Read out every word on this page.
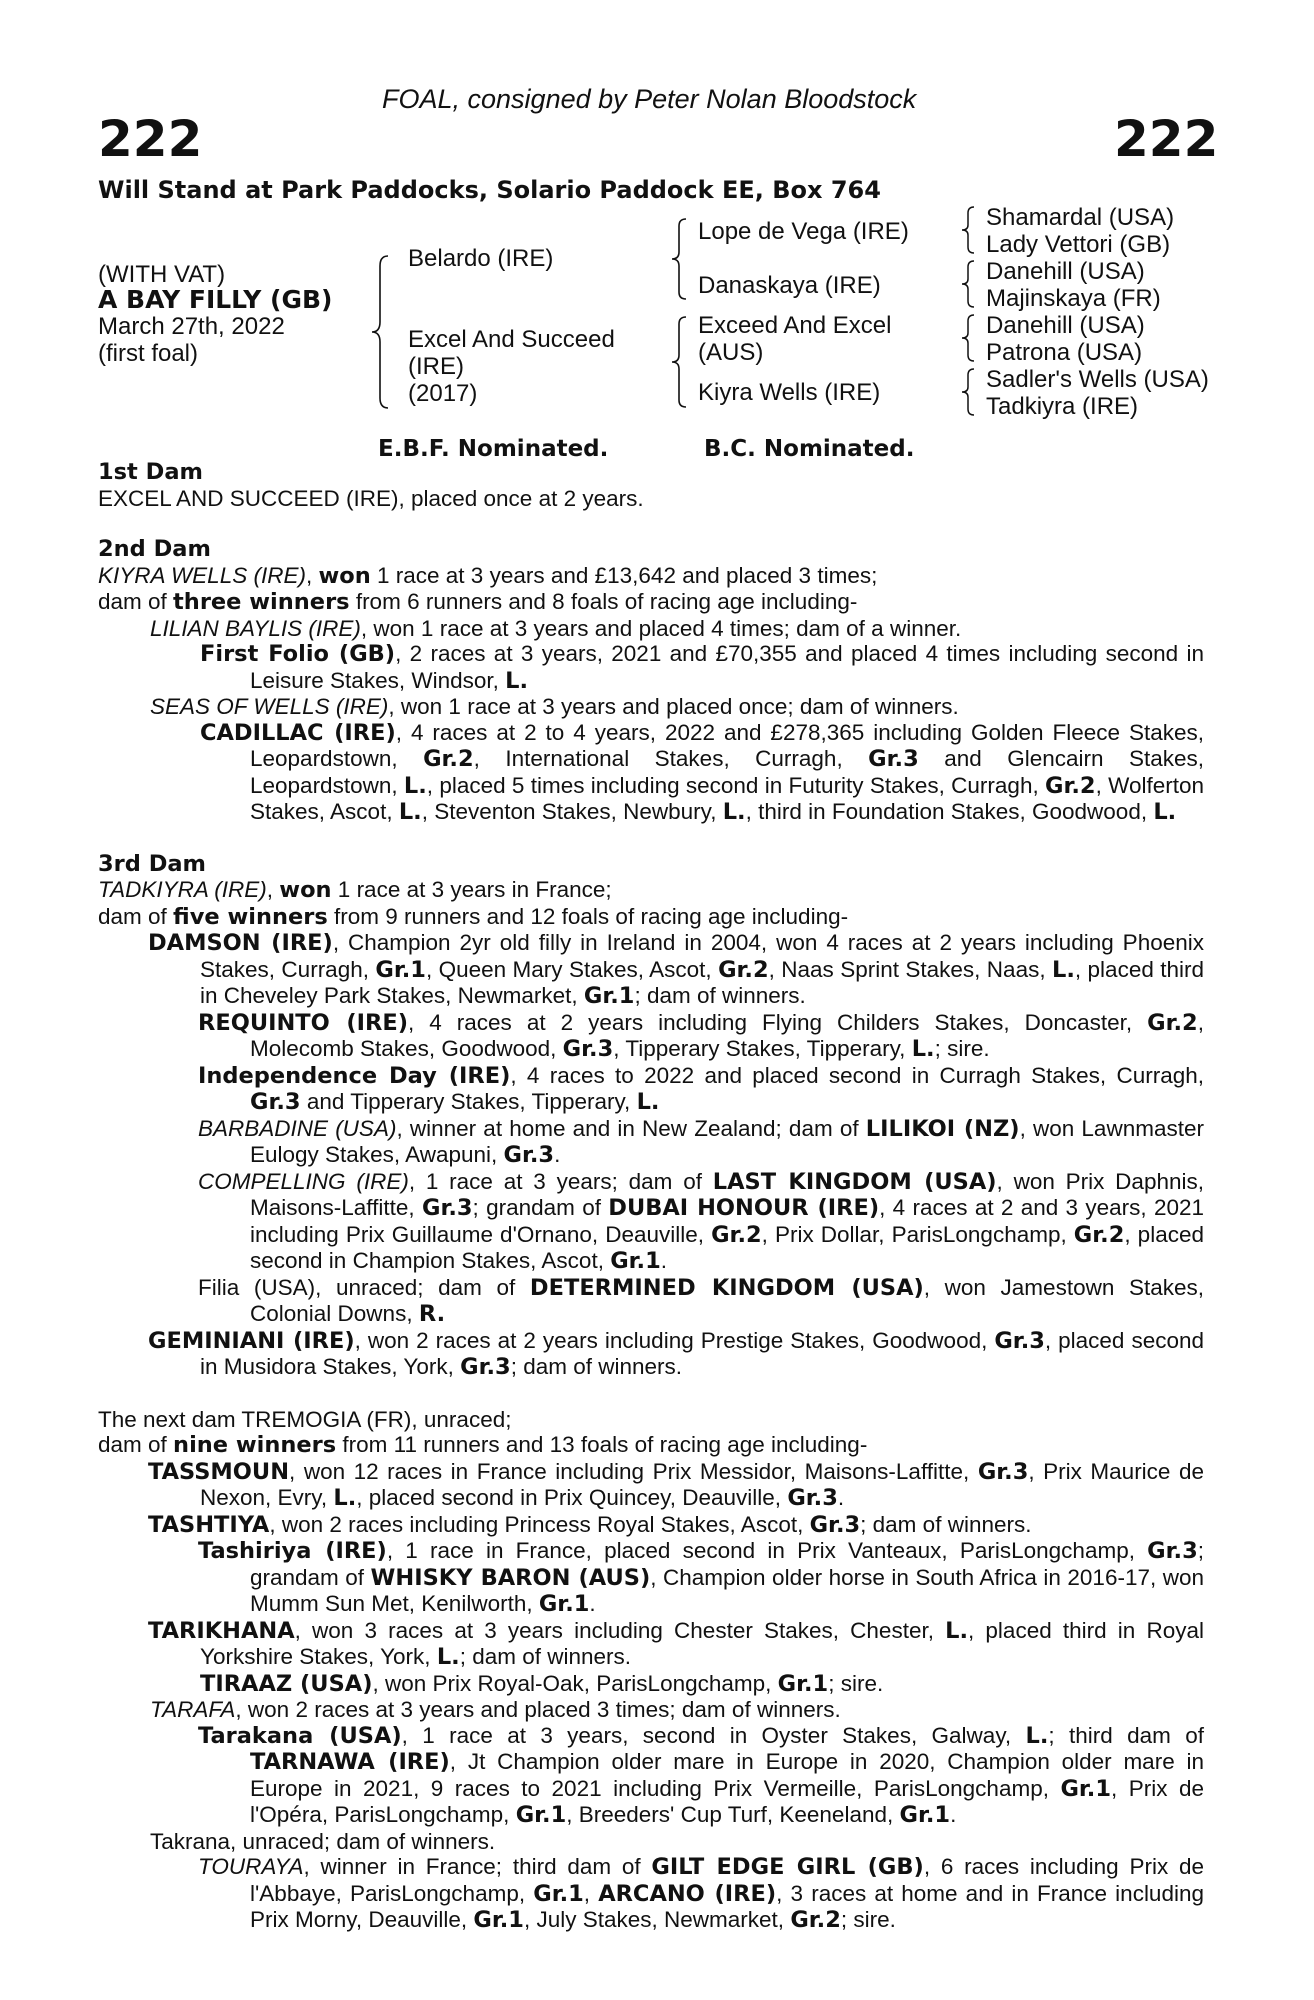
FOAL, consigned by Peter Nolan Bloodstock
222	222
Will Stand at Park Paddocks, Solario Paddock EE, Box 764
(WITH VAT)
A BAY FILLY (GB)
March 27th, 2022
(first foal)
Belardo (IRE)
Excel And Succeed
(IRE)
(2017)
Lope de Vega (IRE)
Danaskaya (IRE)
Exceed And Excel
(AUS)
Kiyra Wells (IRE)
Shamardal (USA)
Lady Vettori (GB)
Danehill (USA)
Majinskaya (FR)
Danehill (USA)
Patrona (USA)
Sadler's Wells (USA)
Tadkiyra (IRE)
E.B.F. Nominated.	B.C. Nominated.

1st Dam

EXCEL AND SUCCEED (IRE), placed once at 2 years.

2nd Dam

KIYRA WELLS (IRE), won 1 race at 3 years and £13,642 and placed 3 times;

dam of three winners from 6 runners and 8 foals of racing age including-

LILIAN BAYLIS (IRE), won 1 race at 3 years and placed 4 times; dam of a winner.

First Folio (GB), 2 races at 3 years, 2021 and £70,355 and placed 4 times including second in Leisure Stakes, Windsor, L.

SEAS OF WELLS (IRE), won 1 race at 3 years and placed once; dam of winners.

CADILLAC (IRE), 4 races at 2 to 4 years, 2022 and £278,365 including Golden Fleece Stakes, Leopardstown, Gr.2, International Stakes, Curragh, Gr.3 and Glencairn Stakes, Leopardstown, L., placed 5 times including second in Futurity Stakes, Curragh, Gr.2, Wolferton Stakes, Ascot, L., Steventon Stakes, Newbury, L., third in Foundation Stakes, Goodwood, L.

3rd Dam

TADKIYRA (IRE), won 1 race at 3 years in France;

dam of five winners from 9 runners and 12 foals of racing age including-

DAMSON (IRE), Champion 2yr old filly in Ireland in 2004, won 4 races at 2 years including Phoenix Stakes, Curragh, Gr.1, Queen Mary Stakes, Ascot, Gr.2, Naas Sprint Stakes, Naas, L., placed third in Cheveley Park Stakes, Newmarket, Gr.1; dam of winners.

REQUINTO (IRE), 4 races at 2 years including Flying Childers Stakes, Doncaster, Gr.2, Molecomb Stakes, Goodwood, Gr.3, Tipperary Stakes, Tipperary, L.; sire.

Independence Day (IRE), 4 races to 2022 and placed second in Curragh Stakes, Curragh, Gr.3 and Tipperary Stakes, Tipperary, L.

BARBADINE (USA), winner at home and in New Zealand; dam of LILIKOI (NZ), won Lawnmaster Eulogy Stakes, Awapuni, Gr.3.

COMPELLING (IRE), 1 race at 3 years; dam of LAST KINGDOM (USA), won Prix Daphnis, Maisons-Laffitte, Gr.3; grandam of DUBAI HONOUR (IRE), 4 races at 2 and 3 years, 2021 including Prix Guillaume d'Ornano, Deauville, Gr.2, Prix Dollar, ParisLongchamp, Gr.2, placed second in Champion Stakes, Ascot, Gr.1.

Filia (USA), unraced; dam of DETERMINED KINGDOM (USA), won Jamestown Stakes, Colonial Downs, R.

GEMINIANI (IRE), won 2 races at 2 years including Prestige Stakes, Goodwood, Gr.3, placed second in Musidora Stakes, York, Gr.3; dam of winners.

The next dam TREMOGIA (FR), unraced;

dam of nine winners from 11 runners and 13 foals of racing age including-

TASSMOUN, won 12 races in France including Prix Messidor, Maisons-Laffitte, Gr.3, Prix Maurice de Nexon, Evry, L., placed second in Prix Quincey, Deauville, Gr.3.

TASHTIYA, won 2 races including Princess Royal Stakes, Ascot, Gr.3; dam of winners.

Tashiriya (IRE), 1 race in France, placed second in Prix Vanteaux, ParisLongchamp, Gr.3; grandam of WHISKY BARON (AUS), Champion older horse in South Africa in 2016-17, won Mumm Sun Met, Kenilworth, Gr.1.

TARIKHANA, won 3 races at 3 years including Chester Stakes, Chester, L., placed third in Royal Yorkshire Stakes, York, L.; dam of winners.

TIRAAZ (USA), won Prix Royal-Oak, ParisLongchamp, Gr.1; sire.

TARAFA, won 2 races at 3 years and placed 3 times; dam of winners.

Tarakana (USA), 1 race at 3 years, second in Oyster Stakes, Galway, L.; third dam of TARNAWA (IRE), Jt Champion older mare in Europe in 2020, Champion older mare in Europe in 2021, 9 races to 2021 including Prix Vermeille, ParisLongchamp, Gr.1, Prix de l'Opéra, ParisLongchamp, Gr.1, Breeders' Cup Turf, Keeneland, Gr.1.

Takrana, unraced; dam of winners.

TOURAYA, winner in France; third dam of GILT EDGE GIRL (GB), 6 races including Prix de l'Abbaye, ParisLongchamp, Gr.1, ARCANO (IRE), 3 races at home and in France including Prix Morny, Deauville, Gr.1, July Stakes, Newmarket, Gr.2; sire.
